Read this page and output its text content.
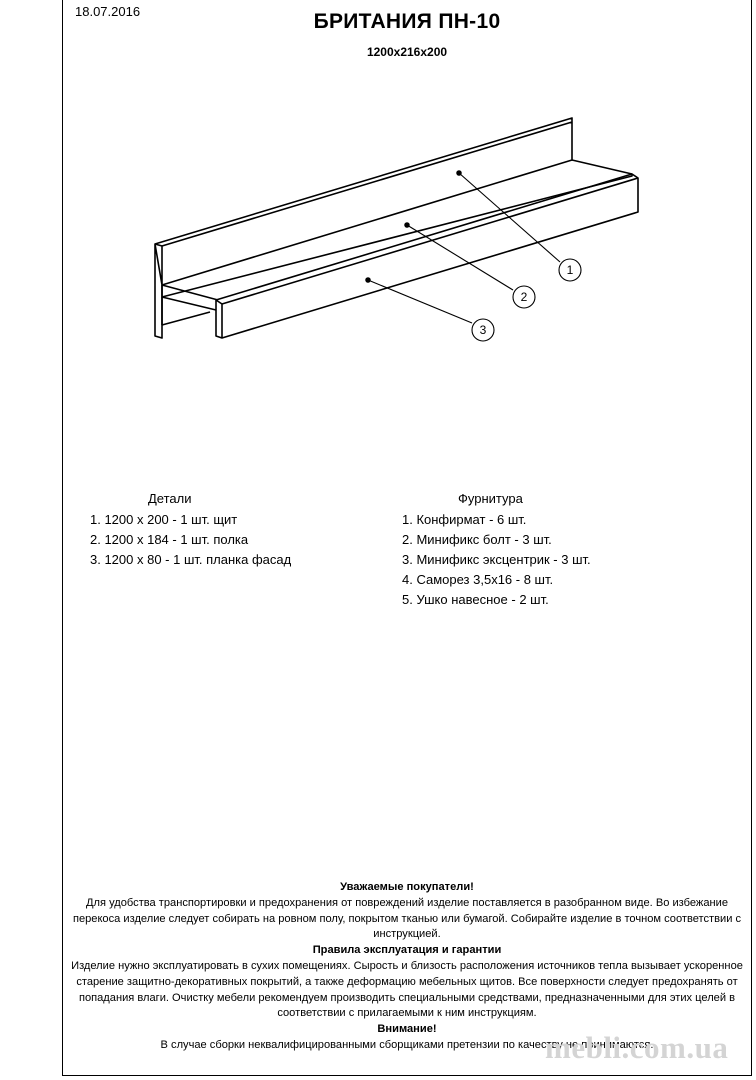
18.07.2016	БРИТАНИЯ ПН-10
1200x216x200
1
2
3
Детали
1. 1200 х 200 - 1 шт. щит
2. 1200 х 184 - 1 шт. полка
3. 1200 х 80 - 1 шт. планка фасад
Фурнитура
1. Конфирмат - 6 шт.
2. Минификс болт - 3 шт.
3. Минификс эксцентрик - 3 шт.
4. Саморез 3,5х16 - 8 шт.
5. Ушко навесное - 2 шт.

Уважаемые покупатели!

Для удобства транспортировки и предохранения от повреждений изделие поставляется в разобранном виде. Во избежание перекоса изделие следует собирать на ровном полу, покрытом тканью или бумагой. Собирайте изделие в точном соответствии с инструкцией.

Правила эксплуатация и гарантии

Изделие нужно эксплуатировать в сухих помещениях. Сырость и близость расположения источников тепла вызывает ускоренное старение защитно-декоративных покрытий, а также деформацию мебельных щитов. Все поверхности следует предохранять от попадания влаги. Очистку мебели рекомендуем производить специальными средствами, предназначенными для этих целей в соответствии с прилагаемыми к ним инструкциям.

Внимание!

В случае сборки неквалифицированными сборщиками претензии по качеству не принимаются.

mebli.com.ua
